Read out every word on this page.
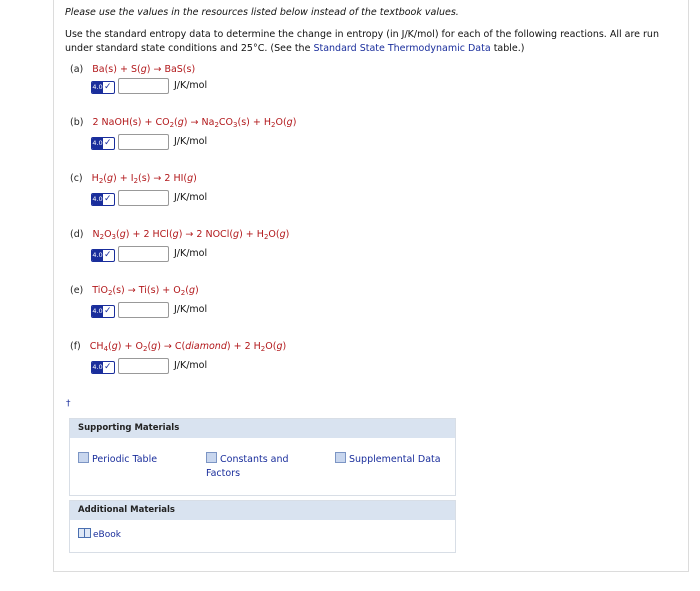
Please use the values in the resources listed below instead of the textbook values.
Use the standard entropy data to determine the change in entropy (in J/K/mol) for each of the following reactions. All are run under standard state conditions and 25°C. (See the Standard State Thermodynamic Data table.)
(a) Ba(s) + S(g) → BaS(s)
4.0 ✓	J/K/mol
(b) 2 NaOH(s) + $CO_2(g) \to Na_2CO_3(s) + H_2O(g)$
4.0 ✓	J/K/mol
(c) $H_2(g) + I_2(s) \to 2$ HI(g)
4.0 ✓	J/K/mol
(d) $N_2O_3(g) + 2$ HCl(g) → 2 NOCl(g) + $H_2O(g)$
4.0 ✓	J/K/mol
(e) $TiO_2(s) \to Ti(s) + O_2(g)$
4.0 ✓	J/K/mol
(f) $CH_4(g) + O_2(g)$ → C(diamond) + 2 $H_2O(g)$
4.0 ✓	J/K/mol
†
Supporting Materials
Periodic Table	Constants and Factors
Supplemental Data
Additional Materials
eBook
